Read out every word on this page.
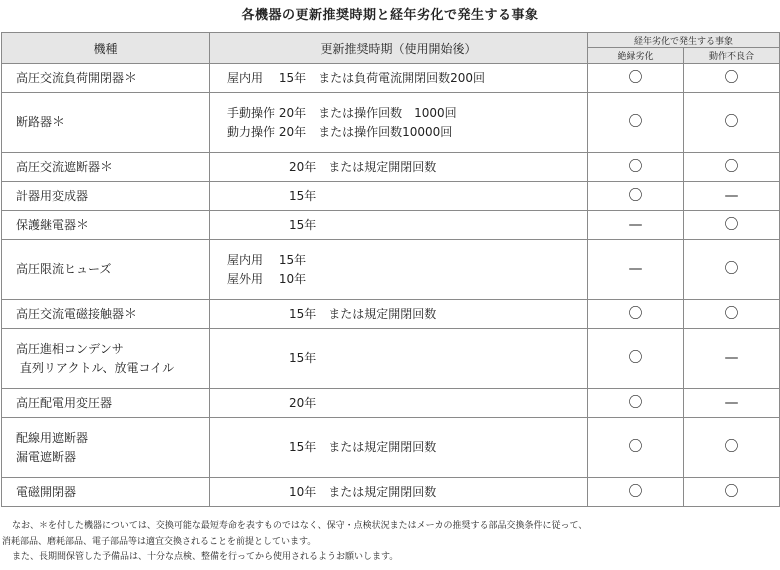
各機器の更新推奨時期と経年劣化で発生する事象
機種	更新推奨時期（使用開始後）	経年劣化で発生する事象	
		絶縁劣化	動作不良合

高圧交流負荷開閉器＊	屋内用　 15年　または負荷電流開閉回数200回	〇	〇

断路器＊	手動操作 20年　または操作回数　1000回
動力操作 20年　または操作回数10000回	〇	〇

高圧交流遮断器＊	20年　または規定開閉回数	〇	〇

計器用変成器	15年	〇	—

保護継電器＊	15年	—	〇

高圧限流ヒューズ	屋内用　 15年
屋外用　 10年	—	〇

高圧交流電磁接触器＊	15年　または規定開閉回数	〇	〇

高圧進相コンデンサ
直列リアクトル、放電コイル	15年	〇	—

高圧配電用変圧器	20年	〇	—

配線用遮断器
漏電遮断器	15年　または規定開閉回数	〇	〇

電磁開閉器	10年　または規定開閉回数	〇	〇
なお、＊を付した機器については、交換可能な最短寿命を表すものではなく、保守・点検状況またはメーカの推奨する部品交換条件に従って、
消耗部品、磨耗部品、電子部品等は適宜交換されることを前提としています。
また、長期間保管した予備品は、十分な点検、整備を行ってから使用されるようお願いします。
